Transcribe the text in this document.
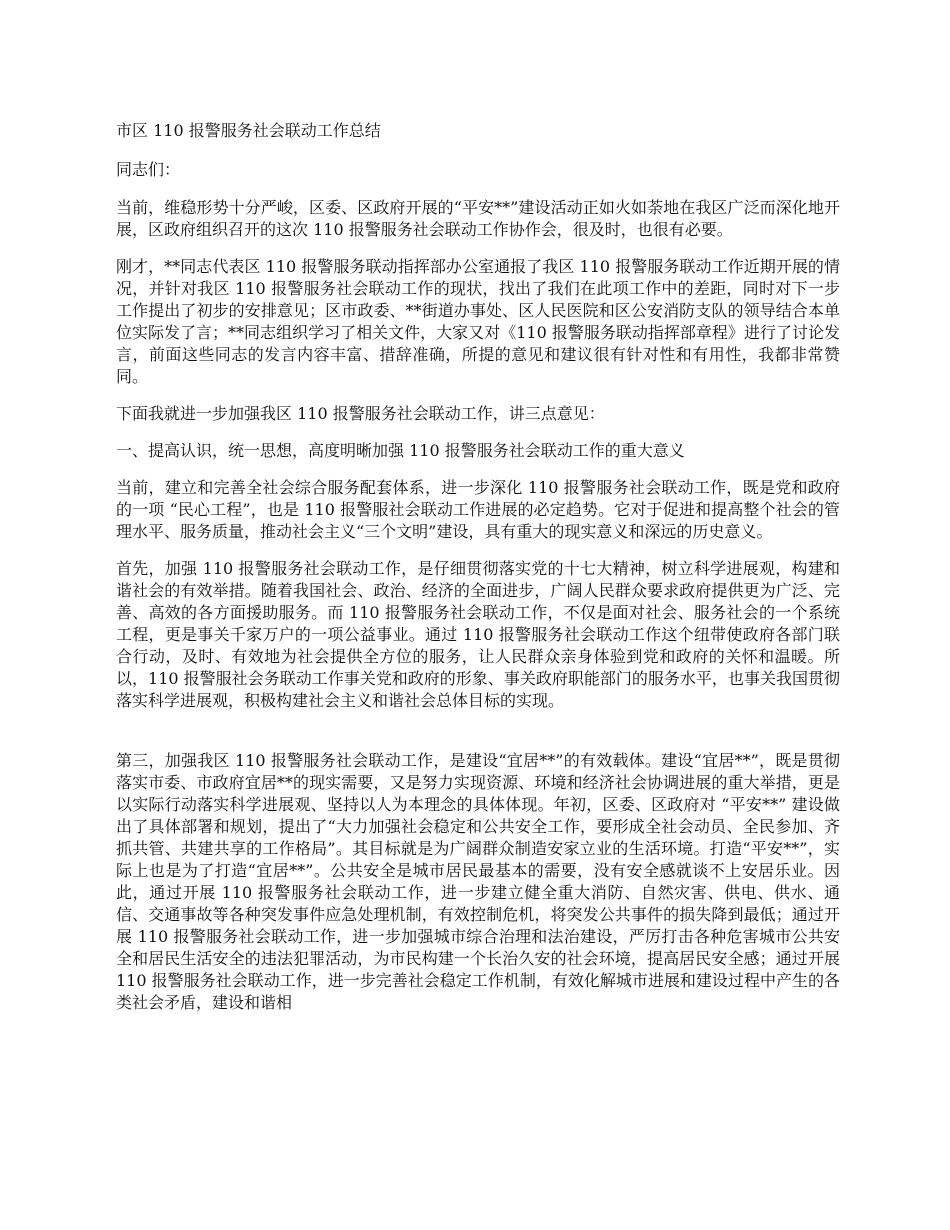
市区 110 报警服务社会联动工作总结

同志们：

当前，维稳形势十分严峻，区委、区政府开展的“平安**”建设活动正如火如荼地在我区广泛而深化地开展，区政府组织召开的这次 110 报警服务社会联动工作协作会，很及时，也很有必要。

刚才，**同志代表区 110 报警服务联动指挥部办公室通报了我区 110 报警服务联动工作近期开展的情况，并针对我区 110 报警服务社会联动工作的现状，找出了我们在此项工作中的差距，同时对下一步工作提出了初步的安排意见；区市政委、**街道办事处、区人民医院和区公安消防支队的领导结合本单位实际发了言；**同志组织学习了相关文件，大家又对《110 报警服务联动指挥部章程》进行了讨论发言，前面这些同志的发言内容丰富、措辞准确，所提的意见和建议很有针对性和有用性，我都非常赞同。

下面我就进一步加强我区 110 报警服务社会联动工作，讲三点意见：

一、提高认识，统一思想，高度明晰加强 110 报警服务社会联动工作的重大意义

当前，建立和完善全社会综合服务配套体系，进一步深化 110 报警服务社会联动工作，既是党和政府的一项 “民心工程”，也是 110 报警服社会联动工作进展的必定趋势。它对于促进和提高整个社会的管理水平、服务质量，推动社会主义“三个文明”建设，具有重大的现实意义和深远的历史意义。

首先，加强 110 报警服务社会联动工作，是仔细贯彻落实党的十七大精神，树立科学进展观，构建和谐社会的有效举措。随着我国社会、政治、经济的全面进步，广阔人民群众要求政府提供更为广泛、完善、高效的各方面援助服务。而 110 报警服务社会联动工作，不仅是面对社会、服务社会的一个系统工程，更是事关千家万户的一项公益事业。通过 110 报警服务社会联动工作这个纽带使政府各部门联合行动，及时、有效地为社会提供全方位的服务，让人民群众亲身体验到党和政府的关怀和温暖。所以，110 报警服社会务联动工作事关党和政府的形象、事关政府职能部门的服务水平，也事关我国贯彻落实科学进展观，积极构建社会主义和谐社会总体目标的实现。

第三，加强我区 110 报警服务社会联动工作，是建设“宜居**”的有效载体。建设“宜居**”，既是贯彻落实市委、市政府宜居**的现实需要，又是努力实现资源、环境和经济社会协调进展的重大举措，更是以实际行动落实科学进展观、坚持以人为本理念的具体体现。年初，区委、区政府对 “平安**” 建设做出了具体部署和规划，提出了“大力加强社会稳定和公共安全工作，要形成全社会动员、全民参加、齐抓共管、共建共享的工作格局”。其目标就是为广阔群众制造安家立业的生活环境。打造“平安**”，实际上也是为了打造“宜居**”。公共安全是城市居民最基本的需要，没有安全感就谈不上安居乐业。因此，通过开展 110 报警服务社会联动工作，进一步建立健全重大消防、自然灾害、供电、供水、通信、交通事故等各种突发事件应急处理机制，有效控制危机，将突发公共事件的损失降到最低；通过开展 110 报警服务社会联动工作，进一步加强城市综合治理和法治建设，严厉打击各种危害城市公共安全和居民生活安全的违法犯罪活动，为市民构建一个长治久安的社会环境，提高居民安全感；通过开展 110 报警服务社会联动工作，进一步完善社会稳定工作机制，有效化解城市进展和建设过程中产生的各类社会矛盾，建设和谐相
